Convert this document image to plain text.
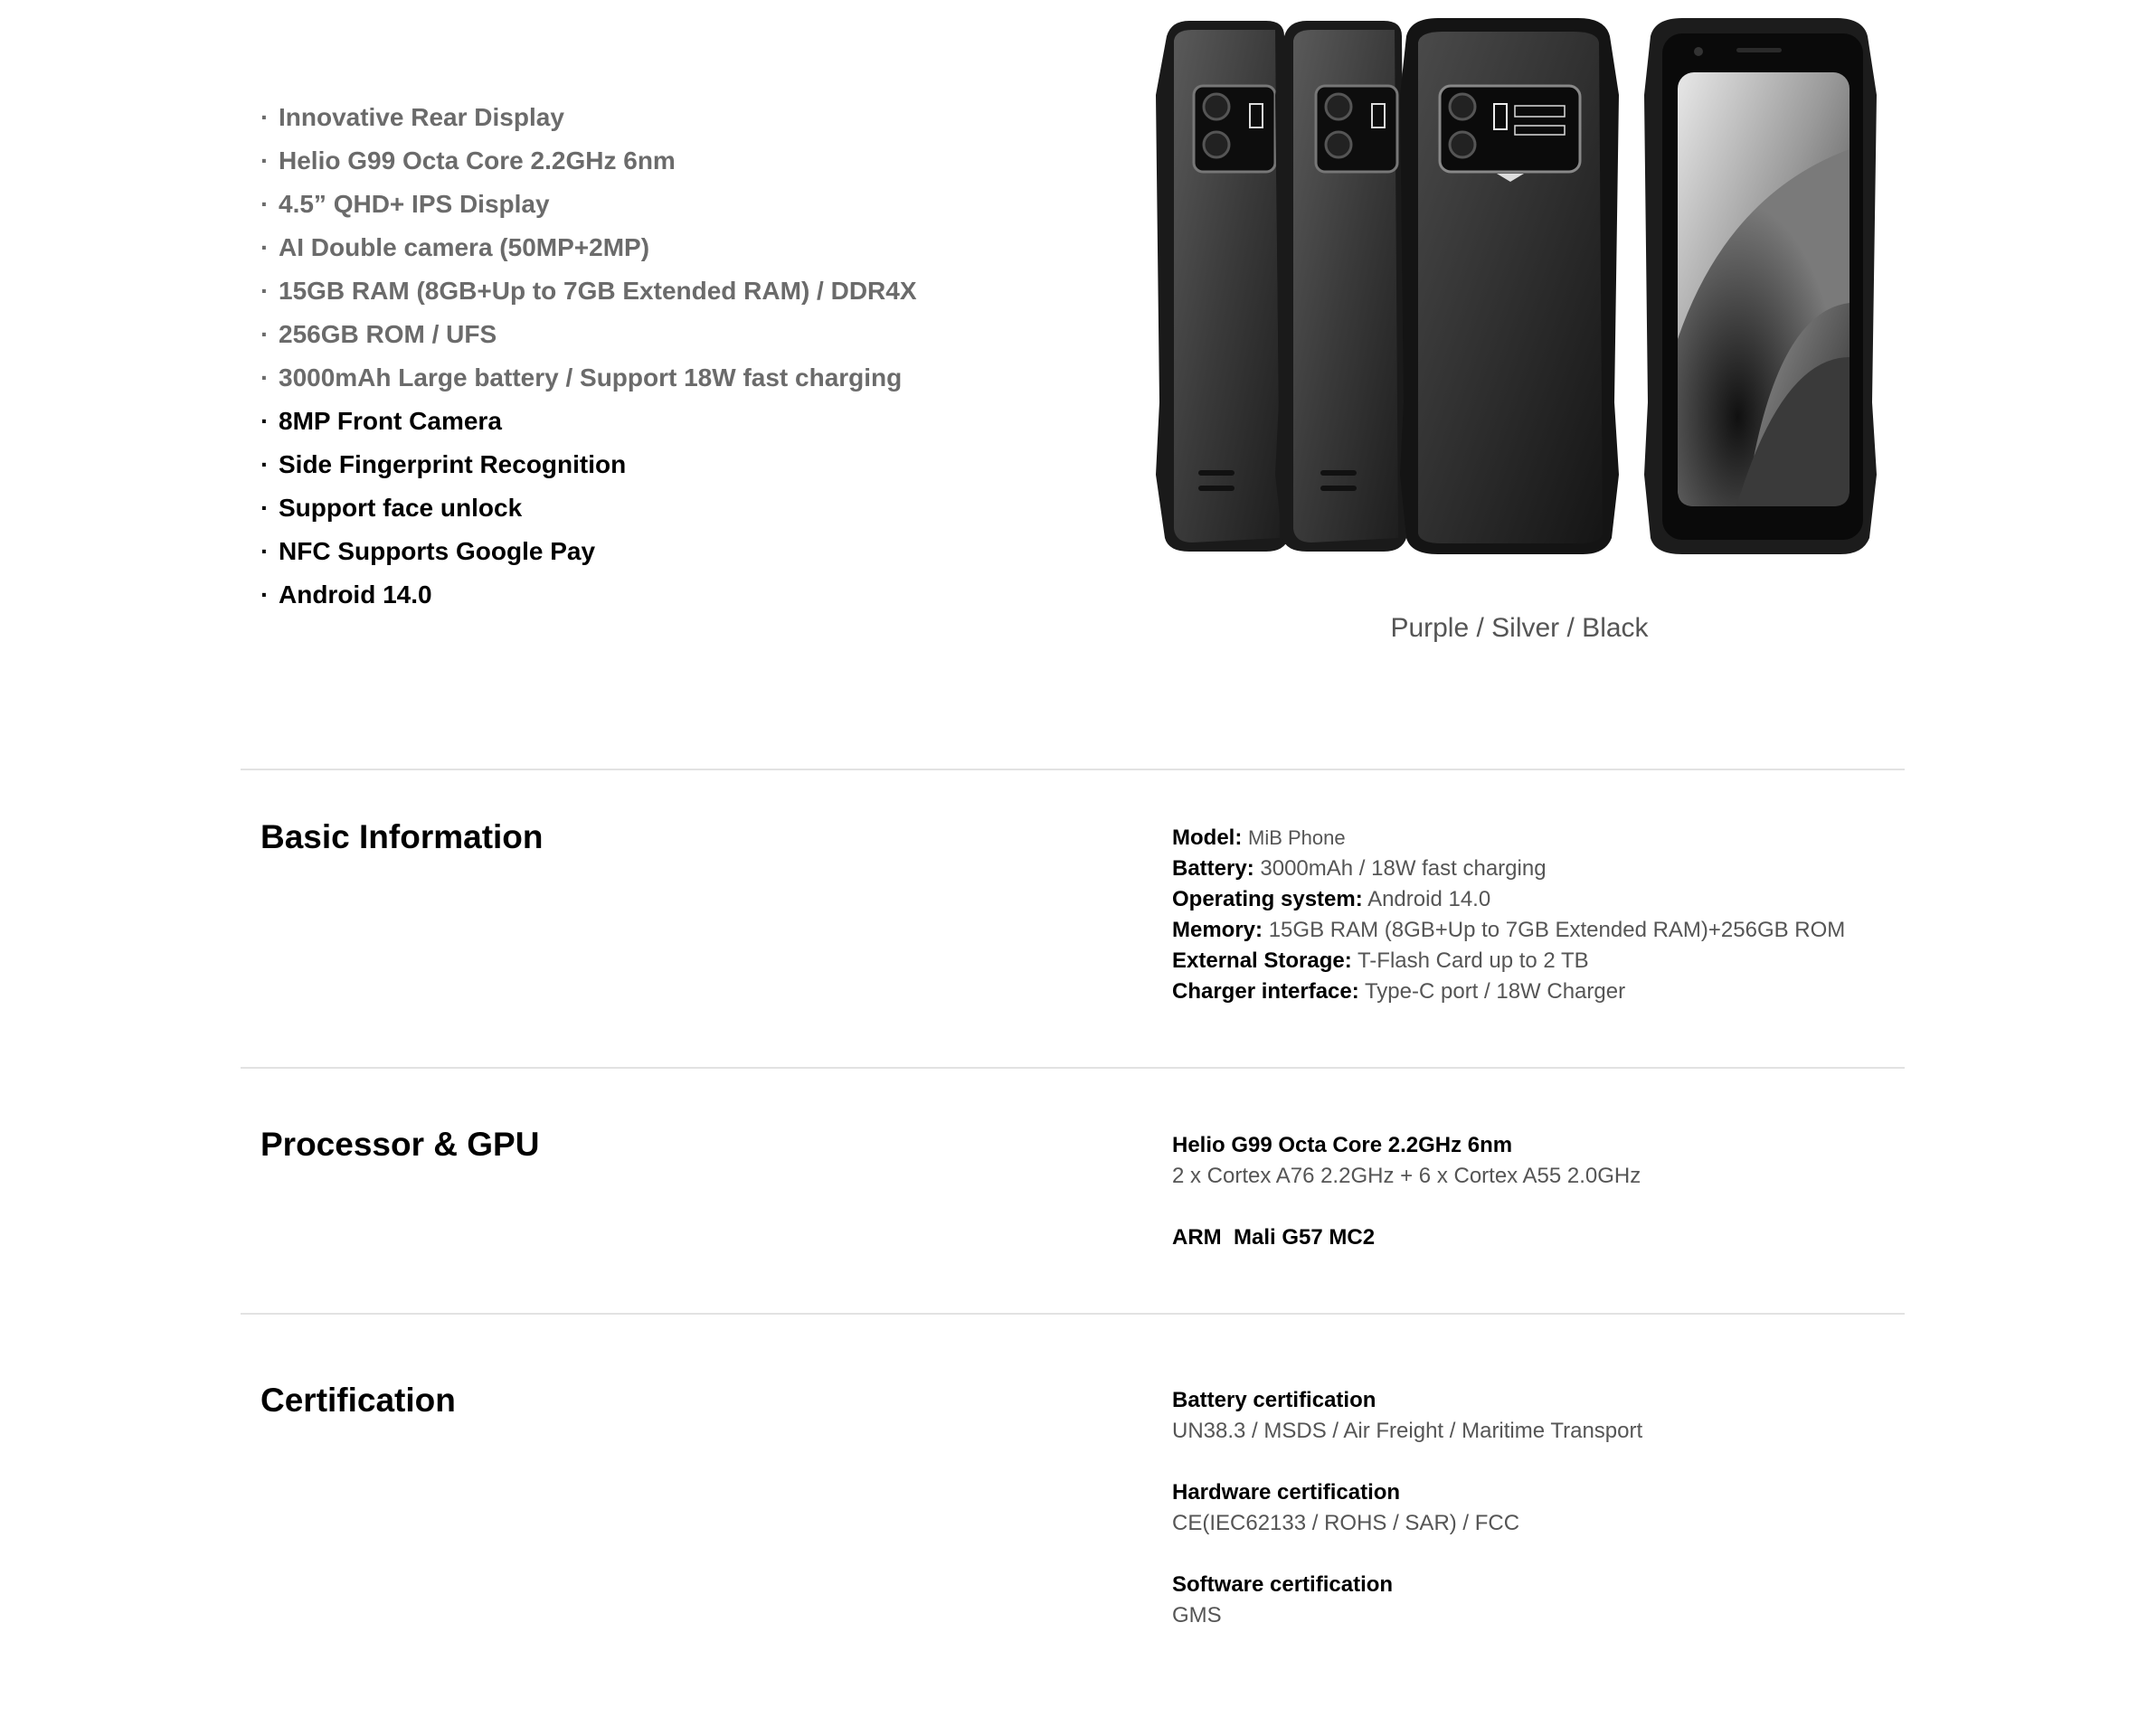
· Innovative Rear Display
· Helio G99 Octa Core 2.2GHz 6nm
· 4.5” QHD+ IPS Display
· AI Double camera (50MP+2MP)
· 15GB RAM (8GB+Up to 7GB Extended RAM) / DDR4X
· 256GB ROM / UFS
· 3000mAh Large battery / Support 18W fast charging
· 8MP Front Camera
· Side Fingerprint Recognition
· Support face unlock
· NFC Supports Google Pay
· Android 14.0
Purple / Silver / Black
Basic Information	Model: MiB Phone
Battery: 3000mAh / 18W fast charging
Operating system: Android 14.0
Memory: 15GB RAM (8GB+Up to 7GB Extended RAM)+256GB ROM
External Storage: T-Flash Card up to 2 TB
Charger interface: Type-C port / 18W Charger
Processor & GPU	Helio G99 Octa Core 2.2GHz 6nm
2 x Cortex A76 2.2GHz + 6 x Cortex A55 2.0GHz
ARM  Mali G57 MC2
Certification	Battery certification
UN38.3 / MSDS / Air Freight / Maritime Transport
Hardware certification
CE(IEC62133 / ROHS / SAR) / FCC
Software certification
GMS
